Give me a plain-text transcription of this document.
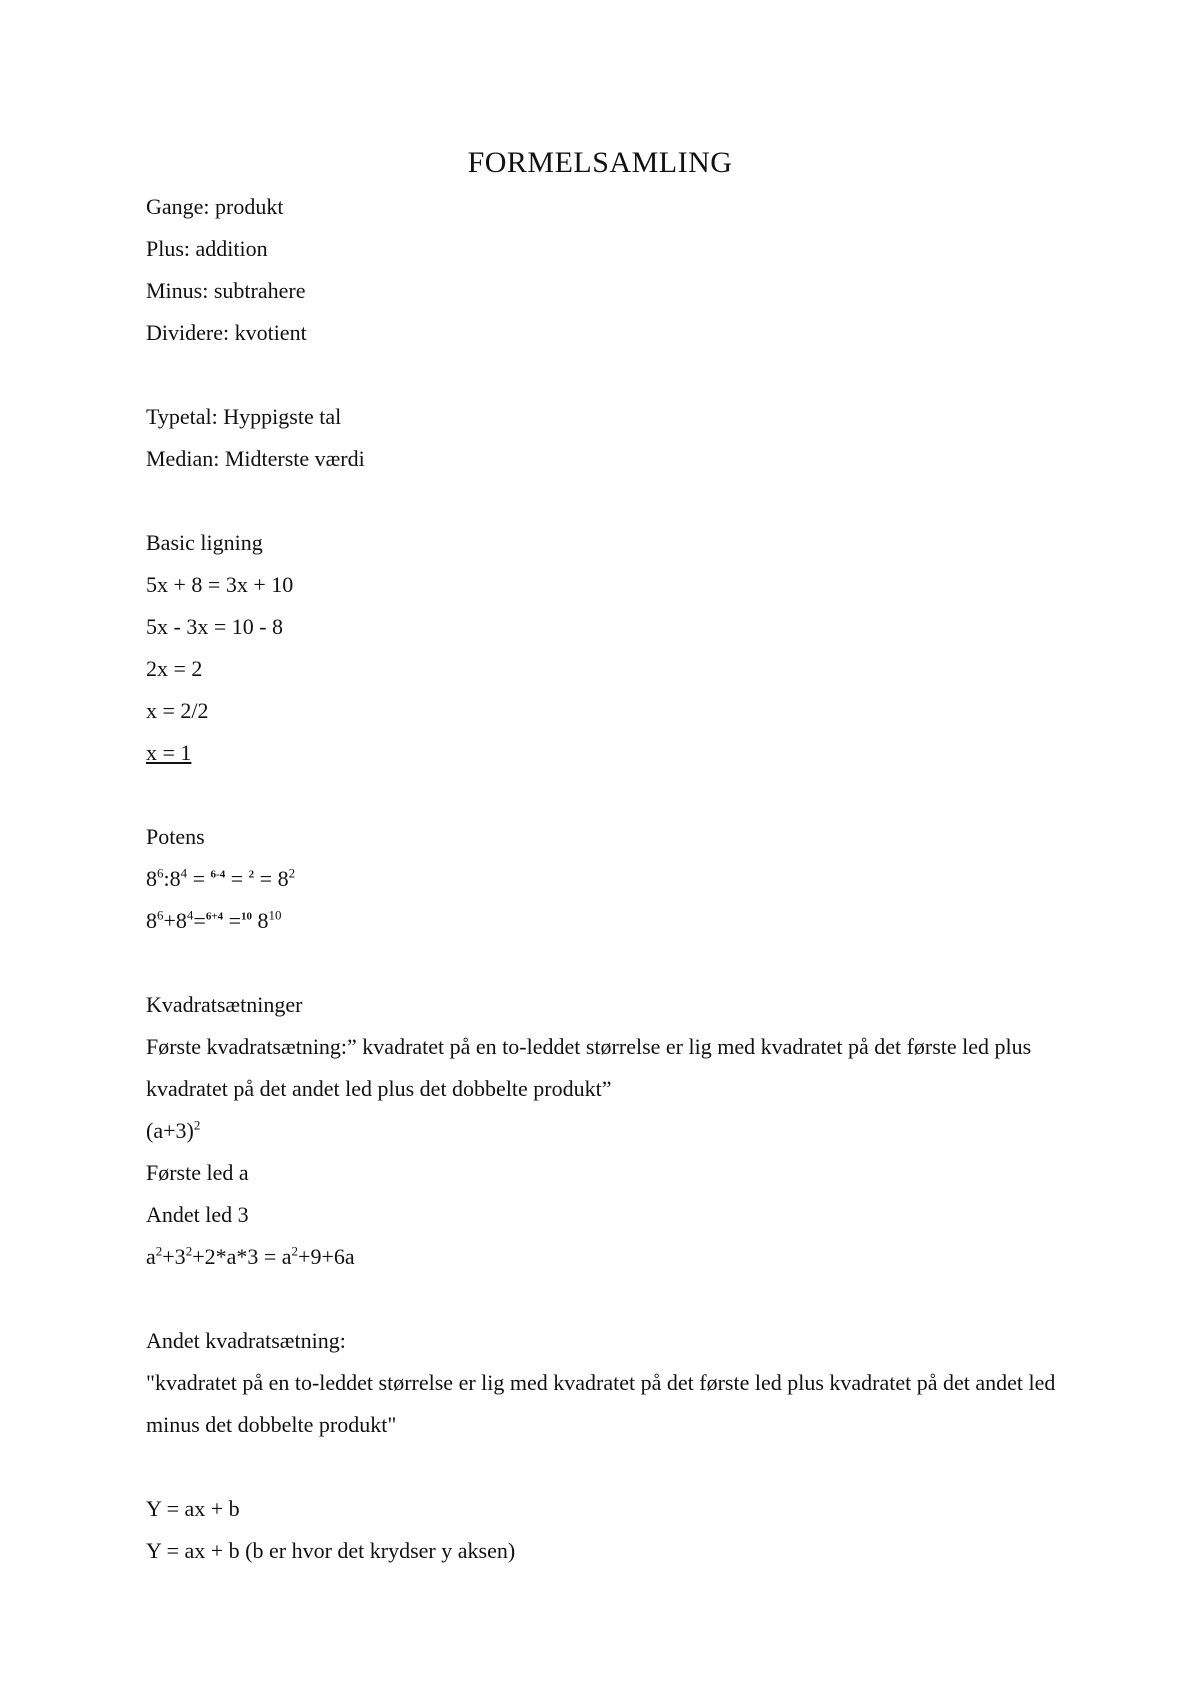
FORMELSAMLING
Gange: produkt
Plus: addition
Minus: subtrahere
Dividere: kvotient
Typetal: Hyppigste tal
Median: Midterste værdi
Basic ligning
5x + 8 = 3x + 10
5x - 3x = 10 - 8
2x = 2
x = 2/2
x = 1
Potens
$8^6:8^4 = ^{6-4} = ^2 = 8^2$
$8^6+8^4=^{6+4} =^{10}$ $8^{10}$
Kvadratsætninger
Første kvadratsætning:” kvadratet på en to-leddet størrelse er lig med kvadratet på det første led plus kvadratet på det andet led plus det dobbelte produkt”
$(a+3)^2$
Første led a
Andet led 3
$a^2+3^2+2*a*3 = a^2+9+6a$
Andet kvadratsætning:
"kvadratet på en to-leddet størrelse er lig med kvadratet på det første led plus kvadratet på det andet led minus det dobbelte produkt"
Y = ax + b
Y = ax + b (b er hvor det krydser y aksen)
